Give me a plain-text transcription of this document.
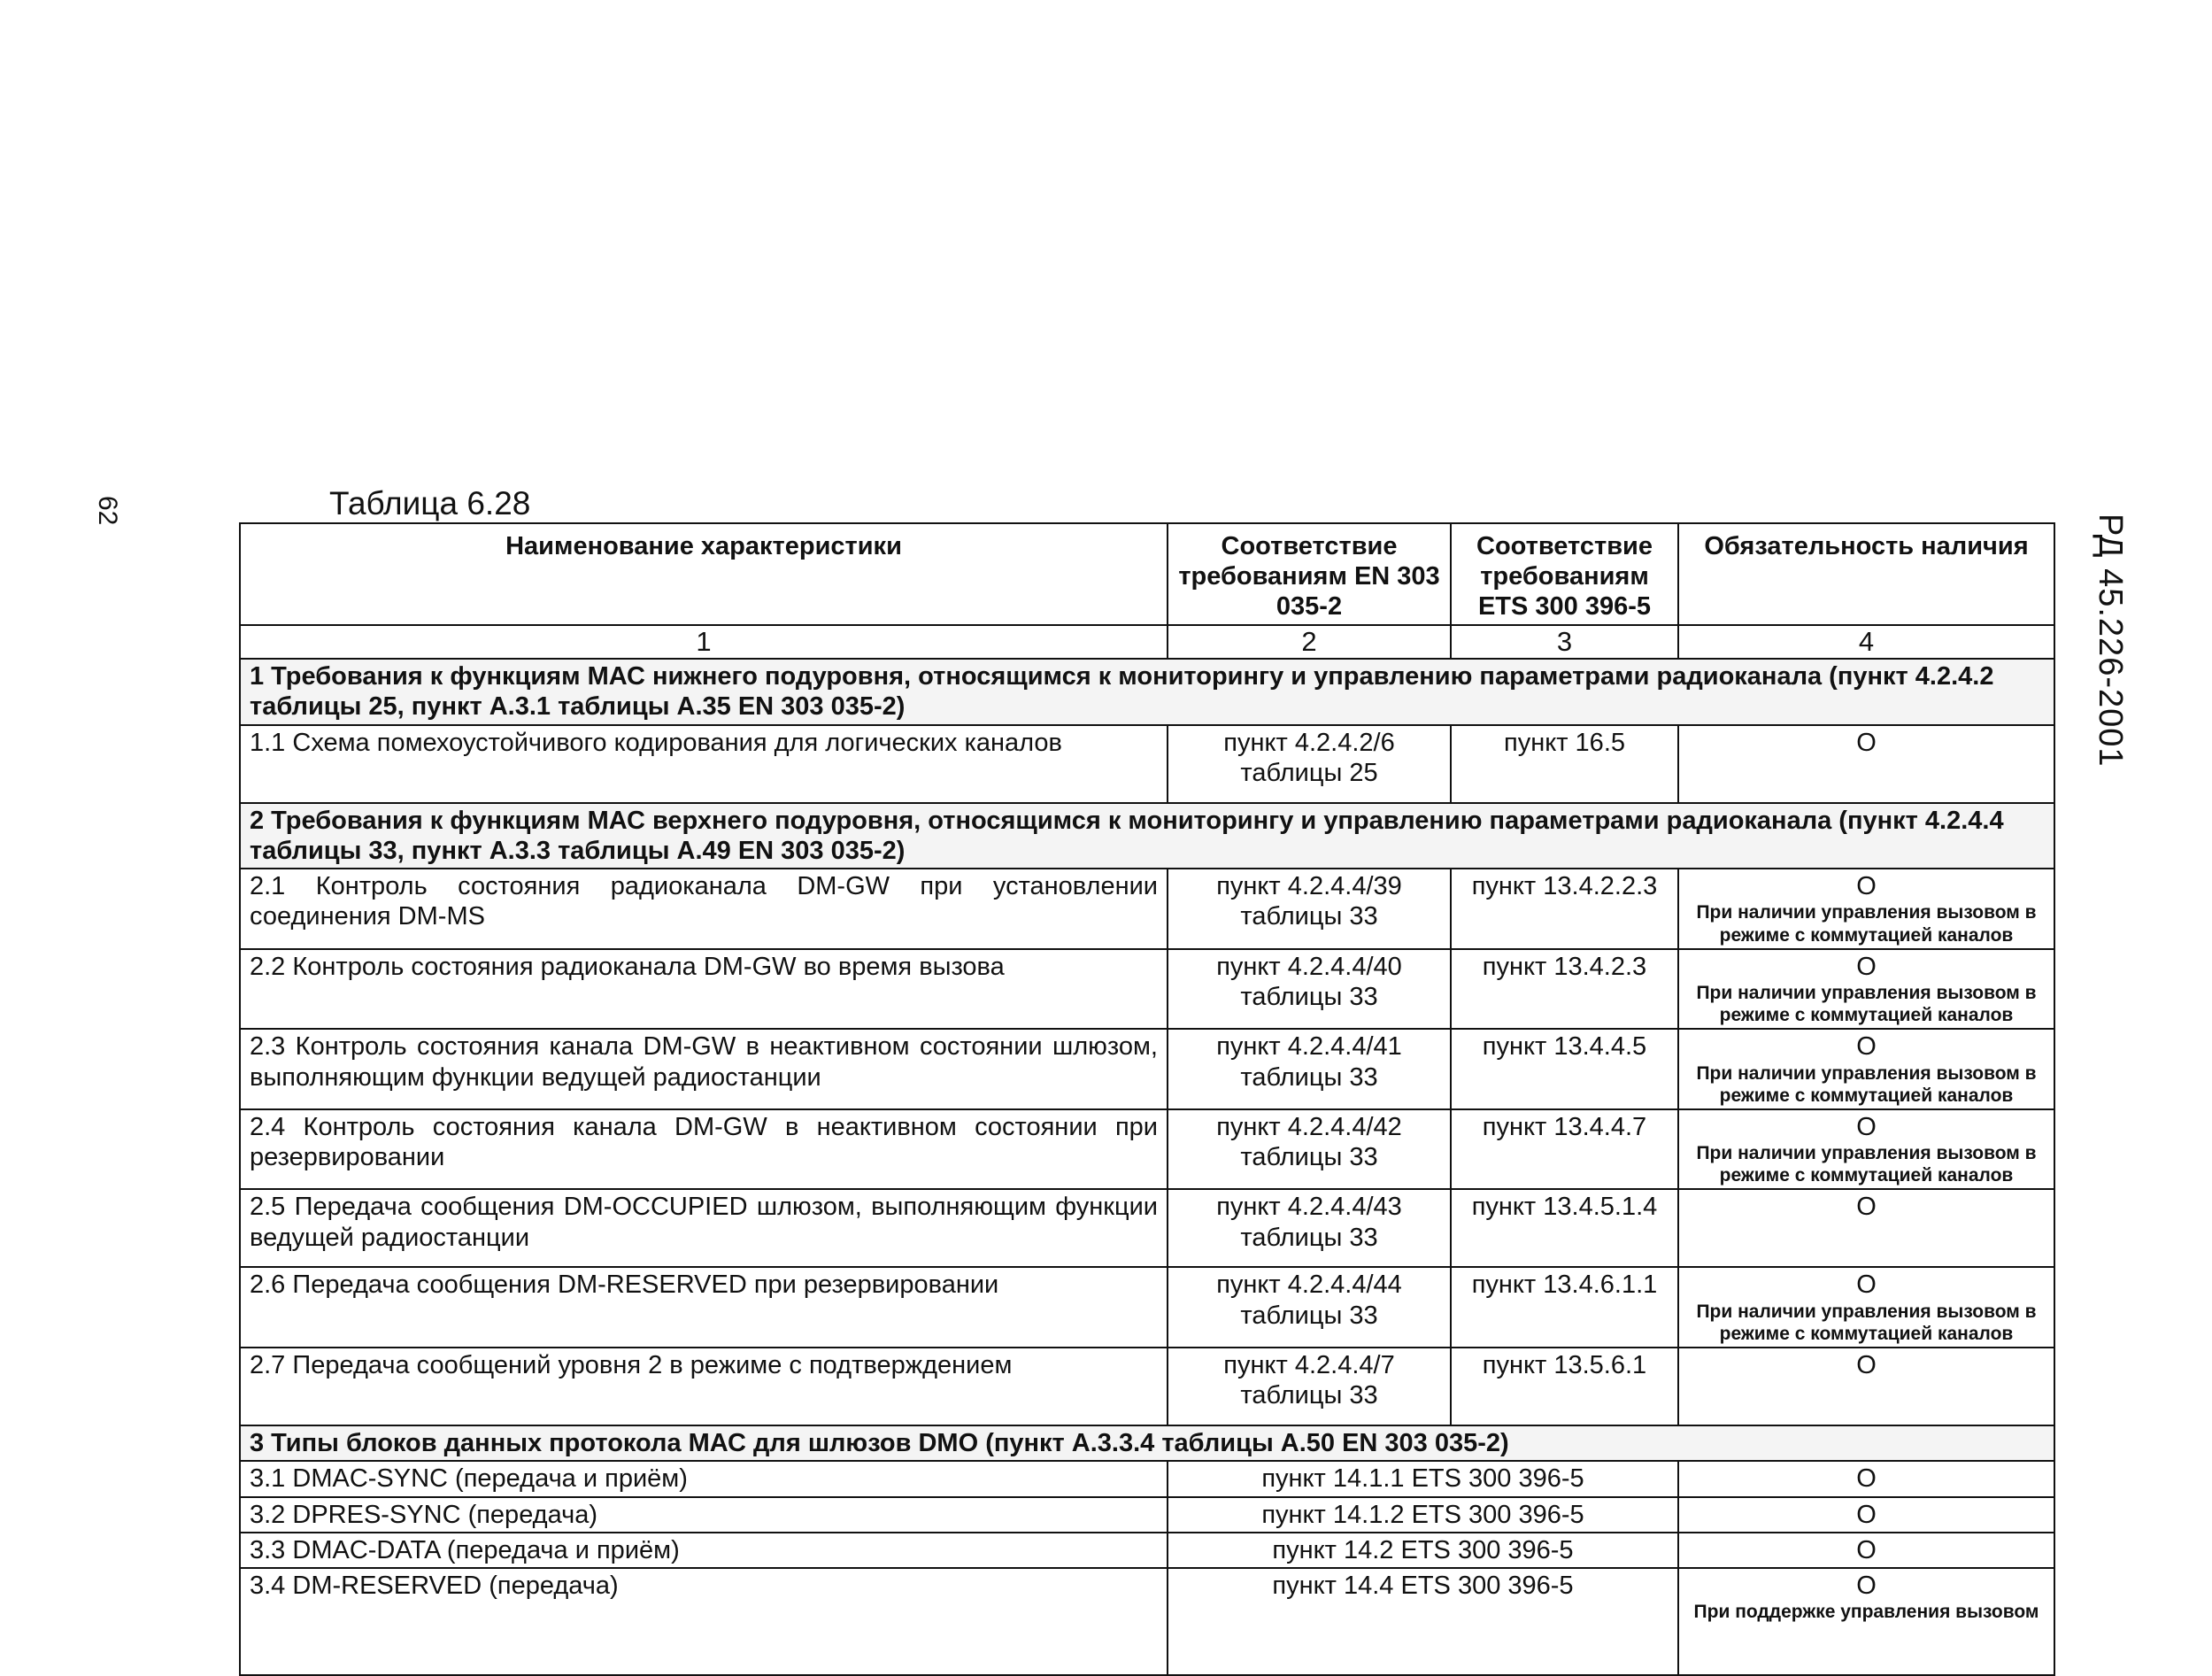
62
РД 45.226-2001
Таблица 6.28
Наименование характеристики	Соответствие требованиям EN 303 035-2	Соответствие требованиям ETS 300 396-5	Обязательность наличия
1	2	3	4
1 Требования к функциям МАС нижнего подуровня, относящимся к мониторингу и управлению параметрами радиоканала (пункт 4.2.4.2 таблицы 25, пункт А.3.1 таблицы А.35 EN 303 035-2)			
1.1 Схема помехоустойчивого кодирования для логических каналов	пункт 4.2.4.2/6 таблицы 25	пункт 16.5	О

2 Требования к функциям МАС верхнего подуровня, относящимся к мониторингу и управлению параметрами радиоканала (пункт 4.2.4.4 таблицы 33, пункт А.3.3 таблицы А.49 EN 303 035-2)			
2.1 Контроль состояния радиоканала DM-GW при установлении соединения DM-MS	пункт 4.2.4.4/39 таблицы 33	пункт 13.4.2.2.3	О
При наличии управления вызовом в режиме с коммутацией каналов

2.2 Контроль состояния радиоканала DM-GW во время вызова	пункт 4.2.4.4/40 таблицы 33	пункт 13.4.2.3	О
При наличии управления вызовом в режиме с коммутацией каналов

2.3 Контроль состояния канала DM-GW в неактивном состоянии шлюзом, выполняющим функции ведущей радиостанции	пункт 4.2.4.4/41 таблицы 33	пункт 13.4.4.5	О
При наличии управления вызовом в режиме с коммутацией каналов

2.4 Контроль состояния канала DM-GW в неактивном состоянии при резервировании	пункт 4.2.4.4/42 таблицы 33	пункт 13.4.4.7	О
При наличии управления вызовом в режиме с коммутацией каналов

2.5 Передача сообщения DM-OCCUPIED шлюзом, выполняющим функции ведущей радиостанции	пункт 4.2.4.4/43 таблицы 33	пункт 13.4.5.1.4	О

2.6 Передача сообщения DM-RESERVED при резервировании	пункт 4.2.4.4/44 таблицы 33	пункт 13.4.6.1.1	О
При наличии управления вызовом в режиме с коммутацией каналов

2.7 Передача сообщений уровня 2 в режиме с подтверждением	пункт 4.2.4.4/7 таблицы 33	пункт 13.5.6.1	О

3 Типы блоков данных протокола МАС для шлюзов DMO (пункт А.3.3.4 таблицы А.50 EN 303 035-2)			
3.1 DMAC-SYNC (передача и приём)	пункт 14.1.1 ETS 300 396-5		О

3.2 DPRES-SYNC (передача)	пункт 14.1.2 ETS 300 396-5		О

3.3 DMAC-DATA (передача и приём)	пункт 14.2 ETS 300 396-5		О

3.4 DM-RESERVED (передача)	пункт 14.4 ETS 300 396-5		О
При поддержке управления вызовом
